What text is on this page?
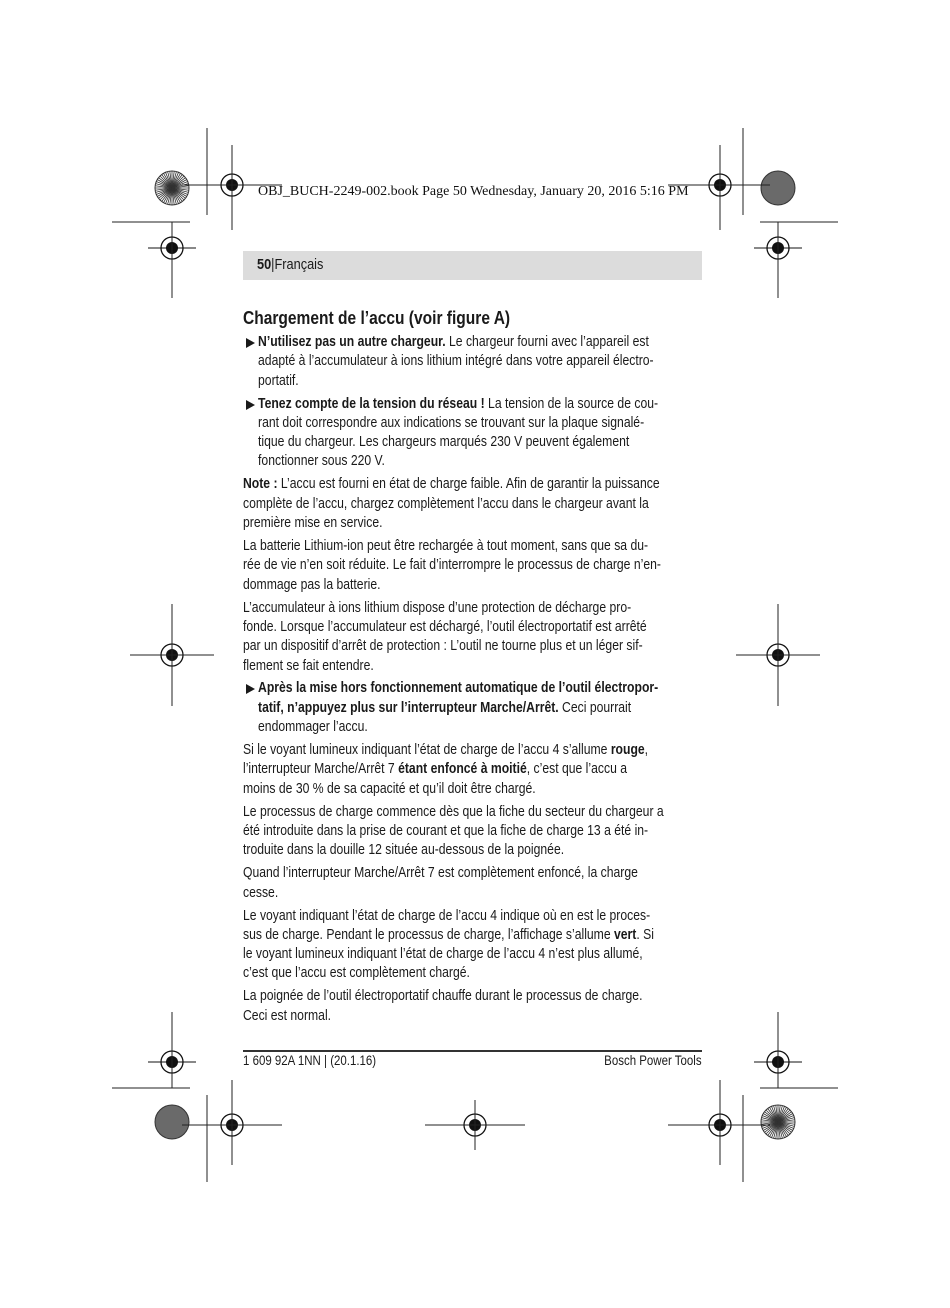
OBJ_BUCH-2249-002.book Page 50 Wednesday, January 20, 2016 5:16 PM
50|Français
Chargement de l’accu (voir figure A)
N’utilisez pas un autre chargeur. Le chargeur fourni avec l’appareil est
adapté à l’accumulateur à ions lithium intégré dans votre appareil électro-
portatif.
Tenez compte de la tension du réseau ! La tension de la source de cou-
rant doit correspondre aux indications se trouvant sur la plaque signalé-
tique du chargeur. Les chargeurs marqués 230 V peuvent également
fonctionner sous 220 V.
Note : L’accu est fourni en état de charge faible. Afin de garantir la puissance
complète de l’accu, chargez complètement l’accu dans le chargeur avant la
première mise en service.
La batterie Lithium-ion peut être rechargée à tout moment, sans que sa du-
rée de vie n’en soit réduite. Le fait d’interrompre le processus de charge n’en-
dommage pas la batterie.
L’accumulateur à ions lithium dispose d’une protection de décharge pro-
fonde. Lorsque l’accumulateur est déchargé, l’outil électroportatif est arrêté
par un dispositif d’arrêt de protection : L’outil ne tourne plus et un léger sif-
flement se fait entendre.
Après la mise hors fonctionnement automatique de l’outil électropor-
tatif, n’appuyez plus sur l’interrupteur Marche/Arrêt. Ceci pourrait
endommager l’accu.
Si le voyant lumineux indiquant l’état de charge de l’accu 4 s’allume rouge,
l’interrupteur Marche/Arrêt 7 étant enfoncé à moitié, c’est que l’accu a
moins de 30 % de sa capacité et qu’il doit être chargé.
Le processus de charge commence dès que la fiche du secteur du chargeur a
été introduite dans la prise de courant et que la fiche de charge 13 a été in-
troduite dans la douille 12 située au-dessous de la poignée.
Quand l’interrupteur Marche/Arrêt 7 est complètement enfoncé, la charge
cesse.
Le voyant indiquant l’état de charge de l’accu 4 indique où en est le proces-
sus de charge. Pendant le processus de charge, l’affichage s’allume vert. Si
le voyant lumineux indiquant l’état de charge de l’accu 4 n’est plus allumé,
c’est que l’accu est complètement chargé.
La poignée de l’outil électroportatif chauffe durant le processus de charge.
Ceci est normal.
1 609 92A 1NN | (20.1.16)	Bosch Power Tools
